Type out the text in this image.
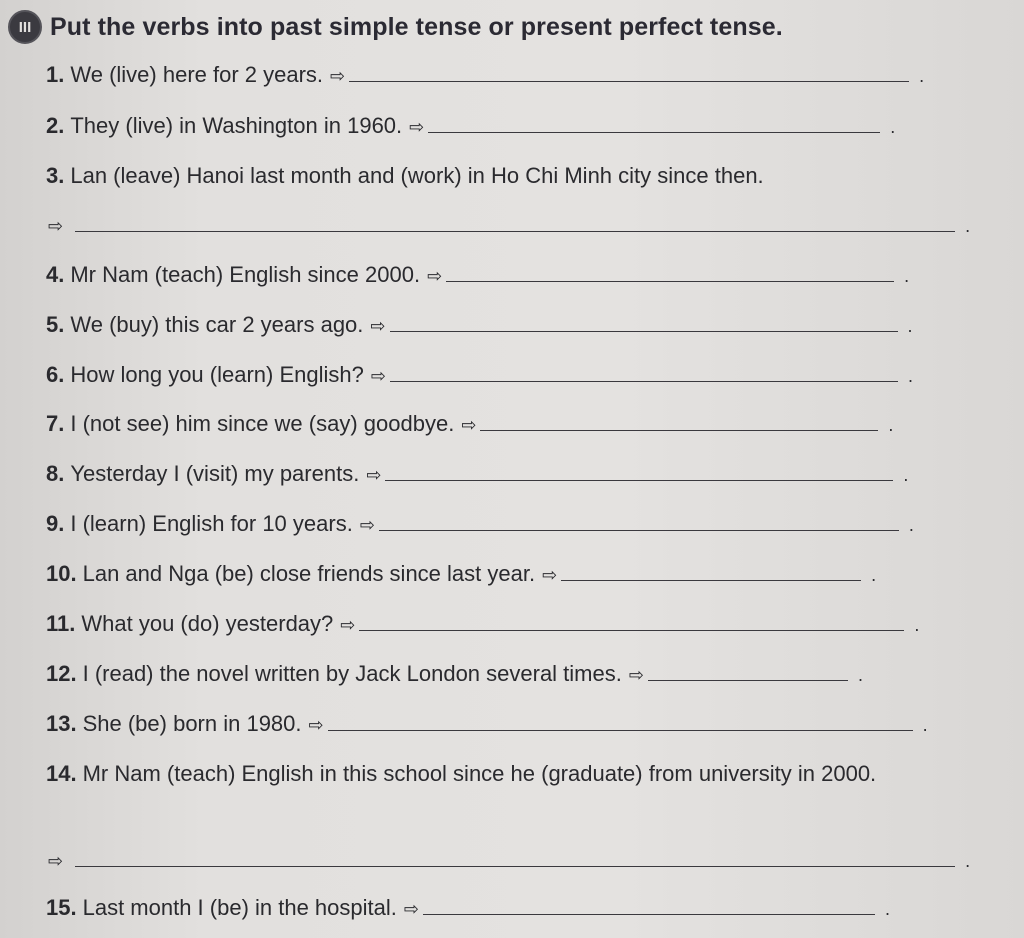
III Put the verbs into past simple tense or present perfect tense.
1. We (live) here for 2 years. ⇨	.
2. They (live) in Washington in 1960. ⇨	.
3. Lan (leave) Hanoi last month and (work) in Ho Chi Minh city since then.
⇨	.
4. Mr Nam (teach) English since 2000. ⇨	.
5. We (buy) this car 2 years ago. ⇨	.
6. How long you (learn) English? ⇨	.
7. I (not see) him since we (say) goodbye. ⇨	.
8. Yesterday I (visit) my parents. ⇨	.
9. I (learn) English for 10 years. ⇨	.
10. Lan and Nga (be) close friends since last year. ⇨	.
11. What you (do) yesterday? ⇨	.
12. I (read) the novel written by Jack London several times. ⇨	.
13. She (be) born in 1980. ⇨	.
14. Mr Nam (teach) English in this school since he (graduate) from university in 2000.
⇨	.
15. Last month I (be) in the hospital. ⇨	.
